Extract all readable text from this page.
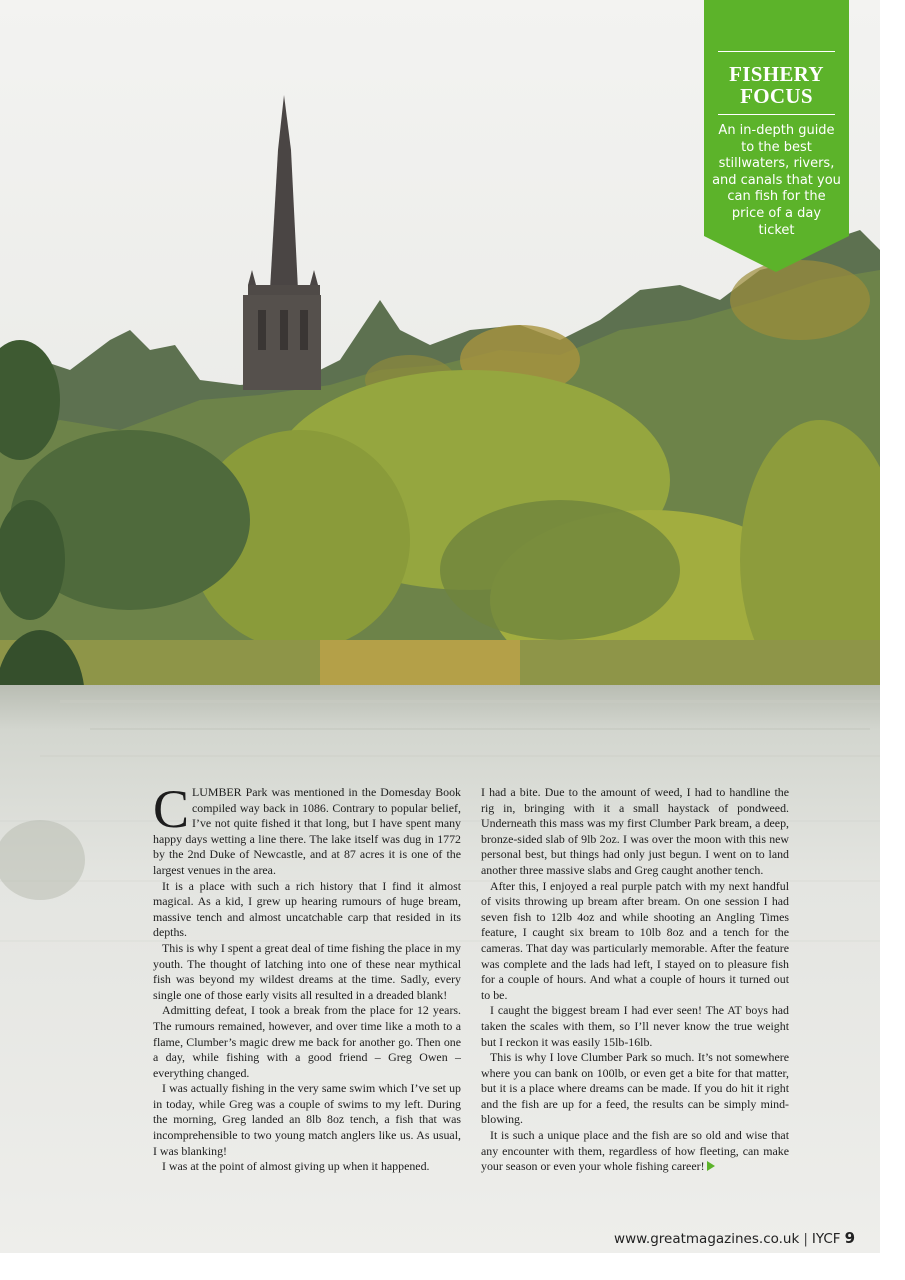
FISHERY
FOCUS
An in-depth guide to the best stillwaters, rivers, and canals that you can fish for the price of a day ticket

CLUMBER Park was mentioned in the Domesday Book compiled way back in 1086. Contrary to popular belief, I’ve not quite fished it that long, but I have spent many happy days wetting a line there. The lake itself was dug in 1772 by the 2nd Duke of Newcastle, and at 87 acres it is one of the largest venues in the area.

It is a place with such a rich history that I find it almost magical. As a kid, I grew up hearing rumours of huge bream, massive tench and almost uncatchable carp that resided in its depths.

This is why I spent a great deal of time fishing the place in my youth. The thought of latching into one of these near mythical fish was beyond my wildest dreams at the time. Sadly, every single one of those early visits all resulted in a dreaded blank!

Admitting defeat, I took a break from the place for 12 years. The rumours remained, however, and over time like a moth to a flame, Clumber’s magic drew me back for another go. Then one a day, while fishing with a good friend – Greg Owen – everything changed.

I was actually fishing in the very same swim which I’ve set up in today, while Greg was a couple of swims to my left. During the morning, Greg landed an 8lb 8oz tench, a fish that was incomprehensible to two young match anglers like us. As usual, I was blanking!

I was at the point of almost giving up when it happened.

I had a bite. Due to the amount of weed, I had to handline the rig in, bringing with it a small haystack of pondweed. Underneath this mass was my first Clumber Park bream, a deep, bronze-sided slab of 9lb 2oz. I was over the moon with this new personal best, but things had only just begun. I went on to land another three massive slabs and Greg caught another tench.

After this, I enjoyed a real purple patch with my next handful of visits throwing up bream after bream. On one session I had seven fish to 12lb 4oz and while shooting an Angling Times feature, I caught six bream to 10lb 8oz and a tench for the cameras. That day was particularly memorable. After the feature was complete and the lads had left, I stayed on to pleasure fish for a couple of hours. And what a couple of hours it turned out to be.

I caught the biggest bream I had ever seen! The AT boys had taken the scales with them, so I’ll never know the true weight but I reckon it was easily 15lb-16lb.

This is why I love Clumber Park so much. It’s not somewhere where you can bank on 100lb, or even get a bite for that matter, but it is a place where dreams can be made. If you do hit it right and the fish are up for a feed, the results can be simply mind-blowing.

It is such a unique place and the fish are so old and wise that any encounter with them, regardless of how fleeting, can make your season or even your whole fishing career!

www.greatmagazines.co.uk | IYCF 9
